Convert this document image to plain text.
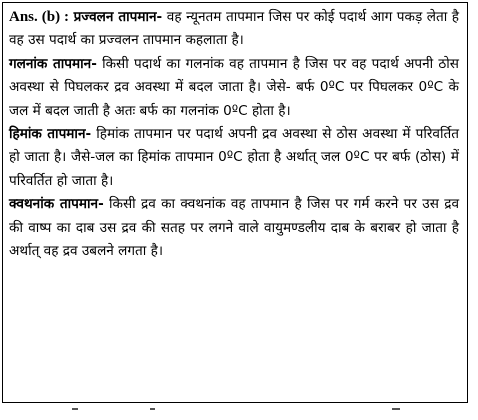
Ans. (b) : प्रज्वलन तापमान- वह न्यूनतम तापमान जिस पर कोई पदार्थ आग पकड़ लेता है वह उस पदार्थ का प्रज्वलन तापमान कहलाता है।

गलनांक तापमान- किसी पदार्थ का गलनांक वह तापमान है जिस पर वह पदार्थ अपनी ठोस अवस्था से पिघलकर द्रव अवस्था में बदल जाता है। जेसे- बर्फ 0ºC पर पिघलकर 0ºC के जल में बदल जाती है अतः बर्फ का गलनांक 0ºC होता है।

हिमांक तापमान- हिमांक तापमान पर पदार्थ अपनी द्रव अवस्था से ठोस अवस्था में परिवर्तित हो जाता है। जैसे-जल का हिमांक तापमान 0ºC होता है अर्थात् जल 0ºC पर बर्फ (ठोस) में परिवर्तित हो जाता है।

क्वथनांक तापमान- किसी द्रव का क्वथनांक वह तापमान है जिस पर गर्म करने पर उस द्रव की वाष्प का दाब उस द्रव की सतह पर लगने वाले वायुमण्डलीय दाब के बराबर हो जाता है अर्थात् वह द्रव उबलने लगता है।
